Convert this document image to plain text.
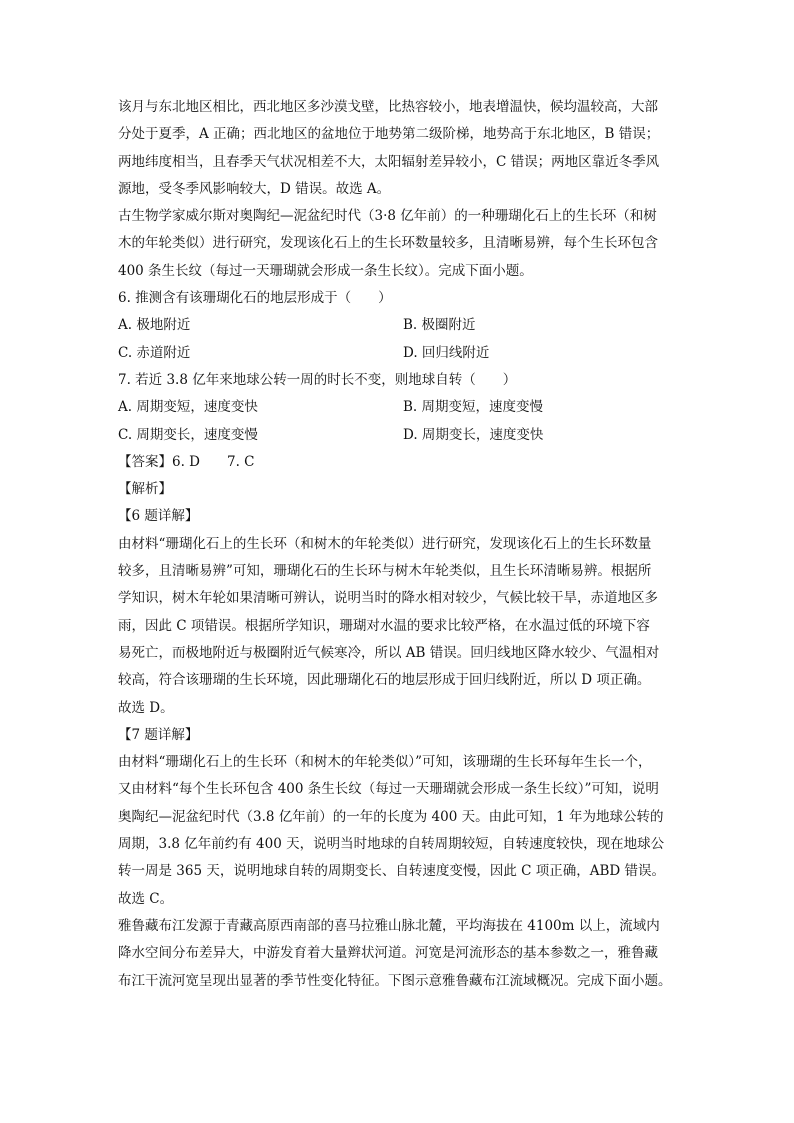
该月与东北地区相比，西北地区多沙漠戈壁，比热容较小，地表增温快，候均温较高，大部
分处于夏季，A 正确；西北地区的盆地位于地势第二级阶梯，地势高于东北地区，B 错误；
两地纬度相当，且春季天气状况相差不大，太阳辐射差异较小，C 错误；两地区靠近冬季风
源地，受冬季风影响较大，D 错误。故选 A。
古生物学家威尔斯对奥陶纪—泥盆纪时代（3·8 亿年前）的一种珊瑚化石上的生长环（和树
木的年轮类似）进行研究，发现该化石上的生长环数量较多，且清晰易辨，每个生长环包含
400 条生长纹（每过一天珊瑚就会形成一条生长纹）。完成下面小题。
6. 推测含有该珊瑚化石的地层形成于（　　）
A. 极地附近	B. 极圈附近
C. 赤道附近	D. 回归线附近
7. 若近 3.8 亿年来地球公转一周的时长不变，则地球自转（　　）
A. 周期变短，速度变快	B. 周期变短，速度变慢
C. 周期变长，速度变慢	D. 周期变长，速度变快
【答案】6. D　　7. C
【解析】
【6 题详解】
由材料“珊瑚化石上的生长环（和树木的年轮类似）进行研究，发现该化石上的生长环数量
较多，且清晰易辨”可知，珊瑚化石的生长环与树木年轮类似，且生长环清晰易辨。根据所
学知识，树木年轮如果清晰可辨认，说明当时的降水相对较少，气候比较干旱，赤道地区多
雨，因此 C 项错误。根据所学知识，珊瑚对水温的要求比较严格，在水温过低的环境下容
易死亡，而极地附近与极圈附近气候寒冷，所以 AB 错误。回归线地区降水较少、气温相对
较高，符合该珊瑚的生长环境，因此珊瑚化石的地层形成于回归线附近，所以 D 项正确。
故选 D。
【7 题详解】
由材料“珊瑚化石上的生长环（和树木的年轮类似）”可知，该珊瑚的生长环每年生长一个，
又由材料“每个生长环包含 400 条生长纹（每过一天珊瑚就会形成一条生长纹）”可知，说明
奥陶纪—泥盆纪时代（3.8 亿年前）的一年的长度为 400 天。由此可知，1 年为地球公转的
周期，3.8 亿年前约有 400 天，说明当时地球的自转周期较短，自转速度较快，现在地球公
转一周是 365 天，说明地球自转的周期变长、自转速度变慢，因此 C 项正确，ABD 错误。
故选 C。
雅鲁藏布江发源于青藏高原西南部的喜马拉雅山脉北麓，平均海拔在 4100m 以上，流域内
降水空间分布差异大，中游发育着大量辫状河道。河宽是河流形态的基本参数之一，雅鲁藏
布江干流河宽呈现出显著的季节性变化特征。下图示意雅鲁藏布江流域概况。完成下面小题。
